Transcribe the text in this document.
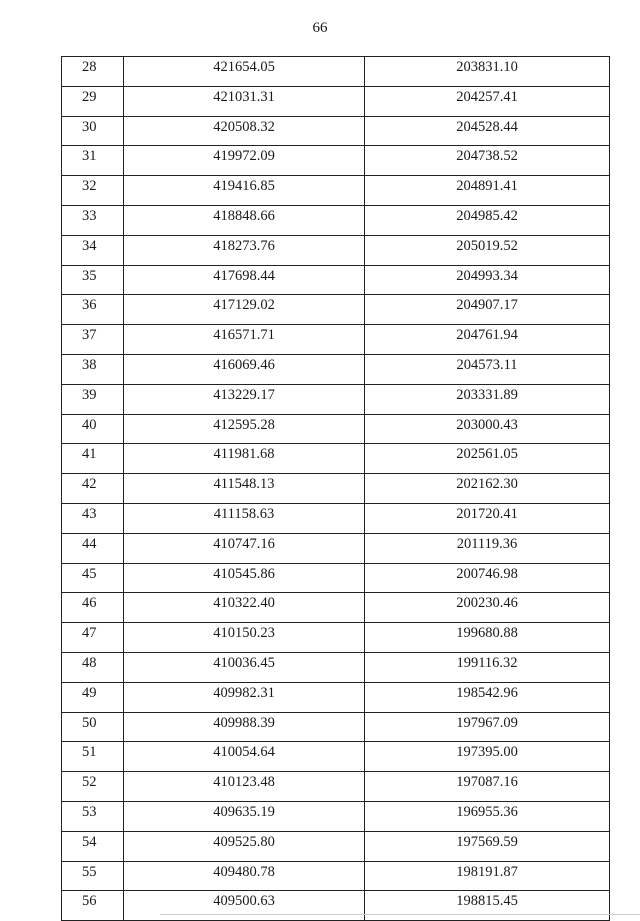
66
28	421654.05	203831.10
29	421031.31	204257.41
30	420508.32	204528.44
31	419972.09	204738.52
32	419416.85	204891.41
33	418848.66	204985.42
34	418273.76	205019.52
35	417698.44	204993.34
36	417129.02	204907.17
37	416571.71	204761.94
38	416069.46	204573.11
39	413229.17	203331.89
40	412595.28	203000.43
41	411981.68	202561.05
42	411548.13	202162.30
43	411158.63	201720.41
44	410747.16	201119.36
45	410545.86	200746.98
46	410322.40	200230.46
47	410150.23	199680.88
48	410036.45	199116.32
49	409982.31	198542.96
50	409988.39	197967.09
51	410054.64	197395.00
52	410123.48	197087.16
53	409635.19	196955.36
54	409525.80	197569.59
55	409480.78	198191.87
56	409500.63	198815.45
